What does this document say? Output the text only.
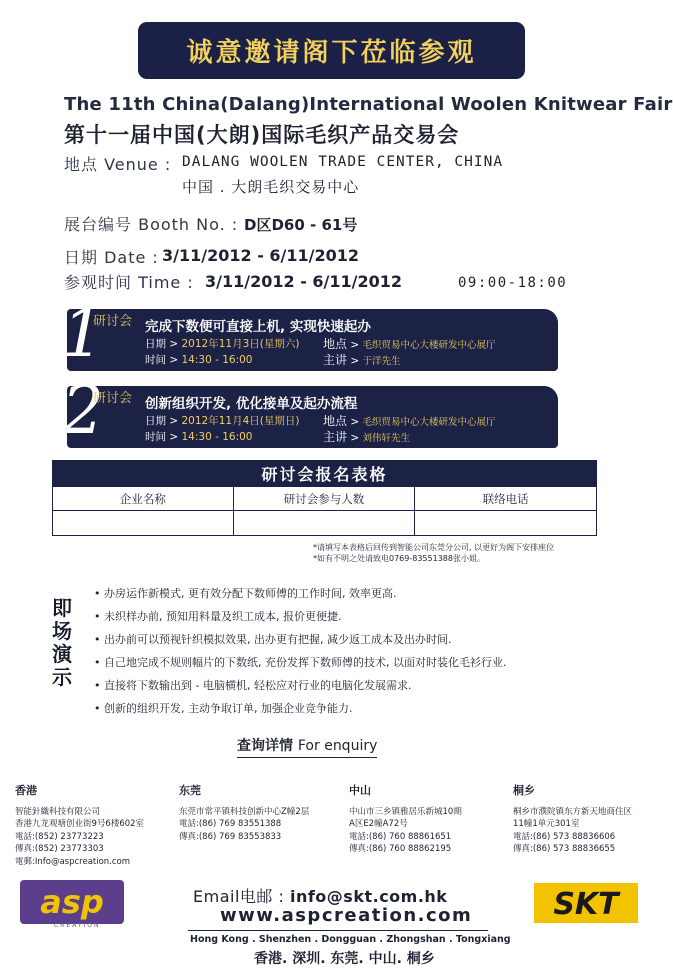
诚意邀请阁下莅临参观
The 11th China(Dalang)International Woolen Knitwear Fair
第十一届中国(大朗)国际毛织产品交易会
地点 Venue : DALANG WOOLEN TRADE CENTER, CHINA
中国 . 大朗毛织交易中心
展台编号 Booth No. : D区D60 - 61号
日期 Date : 3/11/2012 - 6/11/2012
参观时间 Time : 3/11/2012 - 6/11/2012	09:00-18:00
1
研讨会 完成下数便可直接上机, 实现快速起办
日期 > 2012年11月3日(星期六)
时间 > 14:30 - 16:00
地点 > 毛织贸易中心大楼研发中心展厅
主讲 > 于洋先生
2
研讨会 创新组织开发, 优化接单及起办流程
日期 > 2012年11月4日(星期日)
时间 > 14:30 - 16:00
地点 > 毛织贸易中心大楼研发中心展厅
主讲 > 刘伟轩先生
研讨会报名表格
企业名称	研讨会参与人数	联络电话

*请填写本表格后回传到智能公司东莞分公司, 以更好为阁下安排座位
*如有不明之处请致电0769-83551388张小姐。
即场演示
• 办房运作新模式, 更有效分配下数师傅的工作时间, 效率更高.
• 未织样办前, 预知用料量及织工成本, 报价更便捷.
• 出办前可以预视针织模拟效果, 出办更有把握, 减少返工成本及出办时间.
• 自己地完成不规则幅片的下数纸, 充份发挥下数师傅的技术, 以面对时装化毛衫行业.
• 直接将下数输出到 - 电脑横机, 轻松应对行业的电脑化发展需求.
• 创新的组织开发, 主动争取订单, 加强企业竞争能力.
查询详情 For enquiry
香港
智能針織科技有限公司
香港九龙观塘创业街9号6楼602室
電話:(852) 23773223
傳真:(852) 23773303
電郵:Info@aspcreation.com
东莞
东莞市常平镇科技创新中心Z幢2层
電話:(86) 769 83551388
傳真:(86) 769 83553833
中山
中山市三乡镇雅居乐新城10期
A区E2幢A72号
電話:(86) 760 88861651
傳真:(86) 760 88862195
桐乡
桐乡市濮院镇东方新天地商住区
11幢1单元301室
電話:(86) 573 88836606
傳真:(86) 573 88836655
asp
CREATION
SKT
Email电邮 : info@skt.com.hk
www.aspcreation.com
Hong Kong . Shenzhen . Dongguan . Zhongshan . Tongxiang
香港. 深圳. 东莞. 中山. 桐乡
